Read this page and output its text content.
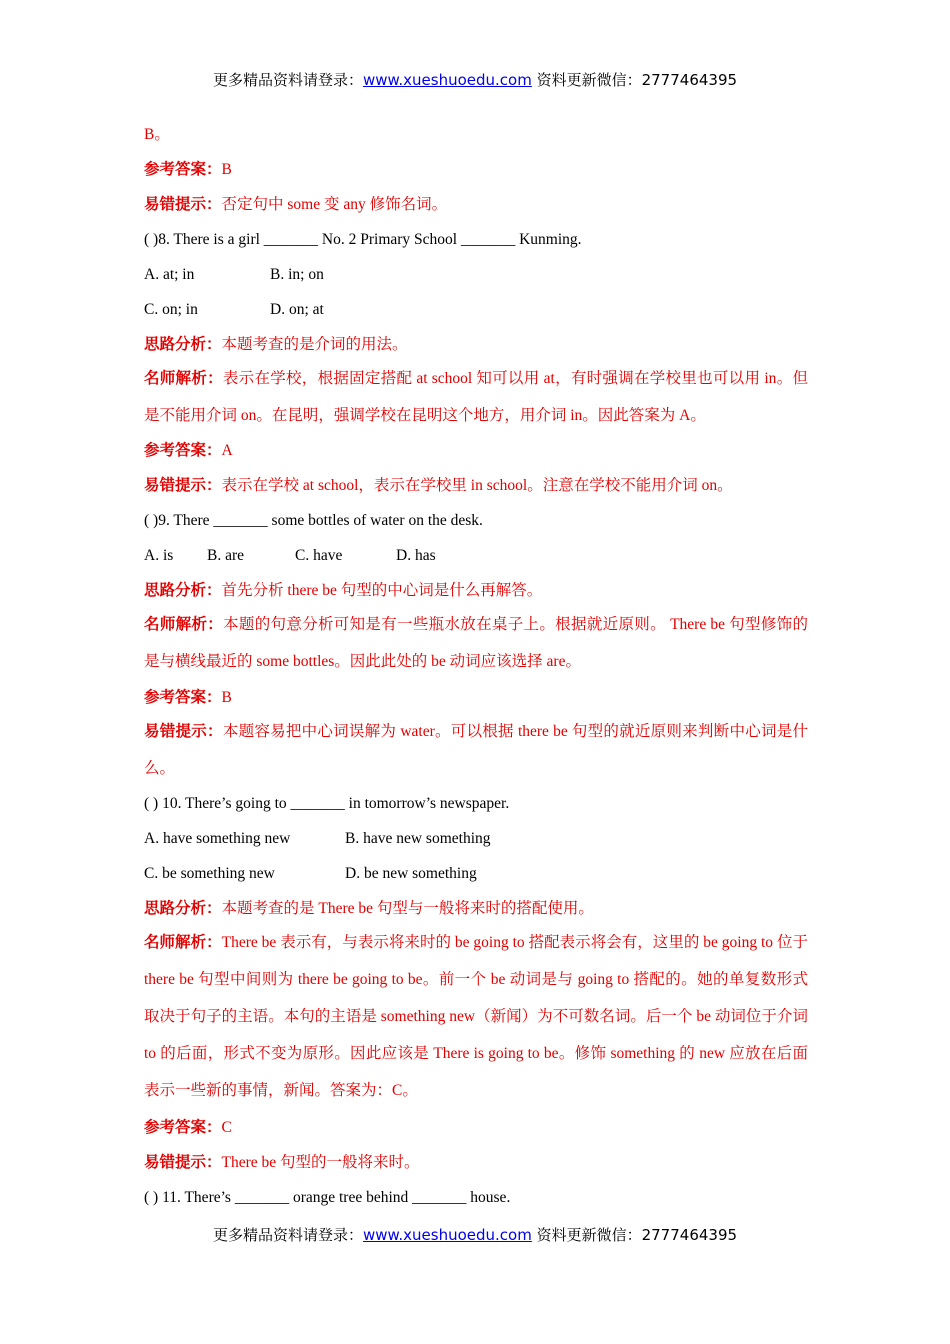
更多精品资料请登录：www.xueshuoedu.com 资料更新微信：2777464395
B。
参考答案：B
易错提示：否定句中 some 变 any 修饰名词。
( )8. There is a girl _______ No. 2 Primary School _______ Kunming.
A. at; in	B. in; on
C. on; in	D. on; at
思路分析：本题考查的是介词的用法。
名师解析：表示在学校，根据固定搭配 at school 知可以用 at，有时强调在学校里也可以用 in。但是不能用介词 on。在昆明，强调学校在昆明这个地方，用介词 in。因此答案为 A。
参考答案：A
易错提示：表示在学校 at school，表示在学校里 in school。注意在学校不能用介词 on。
( )9. There _______ some bottles of water on the desk.
A. is B. are	C. have	D. has
思路分析：首先分析 there be 句型的中心词是什么再解答。
名师解析：本题的句意分析可知是有一些瓶水放在桌子上。根据就近原则。 There be 句型修饰的是与横线最近的 some bottles。因此此处的 be 动词应该选择 are。
参考答案：B
易错提示：本题容易把中心词误解为 water。可以根据 there be 句型的就近原则来判断中心词是什么。
( ) 10. There’s going to _______ in tomorrow’s newspaper.
A. have something new	B. have new something
C. be something new	D. be new something
思路分析：本题考查的是 There be 句型与一般将来时的搭配使用。
名师解析：There be 表示有，与表示将来时的 be going to 搭配表示将会有，这里的 be going to 位于 there be 句型中间则为 there be going to be。前一个 be 动词是与 going to 搭配的。她的单复数形式取决于句子的主语。本句的主语是 something new（新闻）为不可数名词。后一个 be 动词位于介词 to 的后面，形式不变为原形。因此应该是 There is going to be。修饰 something 的 new 应放在后面表示一些新的事情，新闻。答案为：C。
参考答案：C
易错提示：There be 句型的一般将来时。
( ) 11. There’s _______ orange tree behind _______ house.
更多精品资料请登录：www.xueshuoedu.com 资料更新微信：2777464395
